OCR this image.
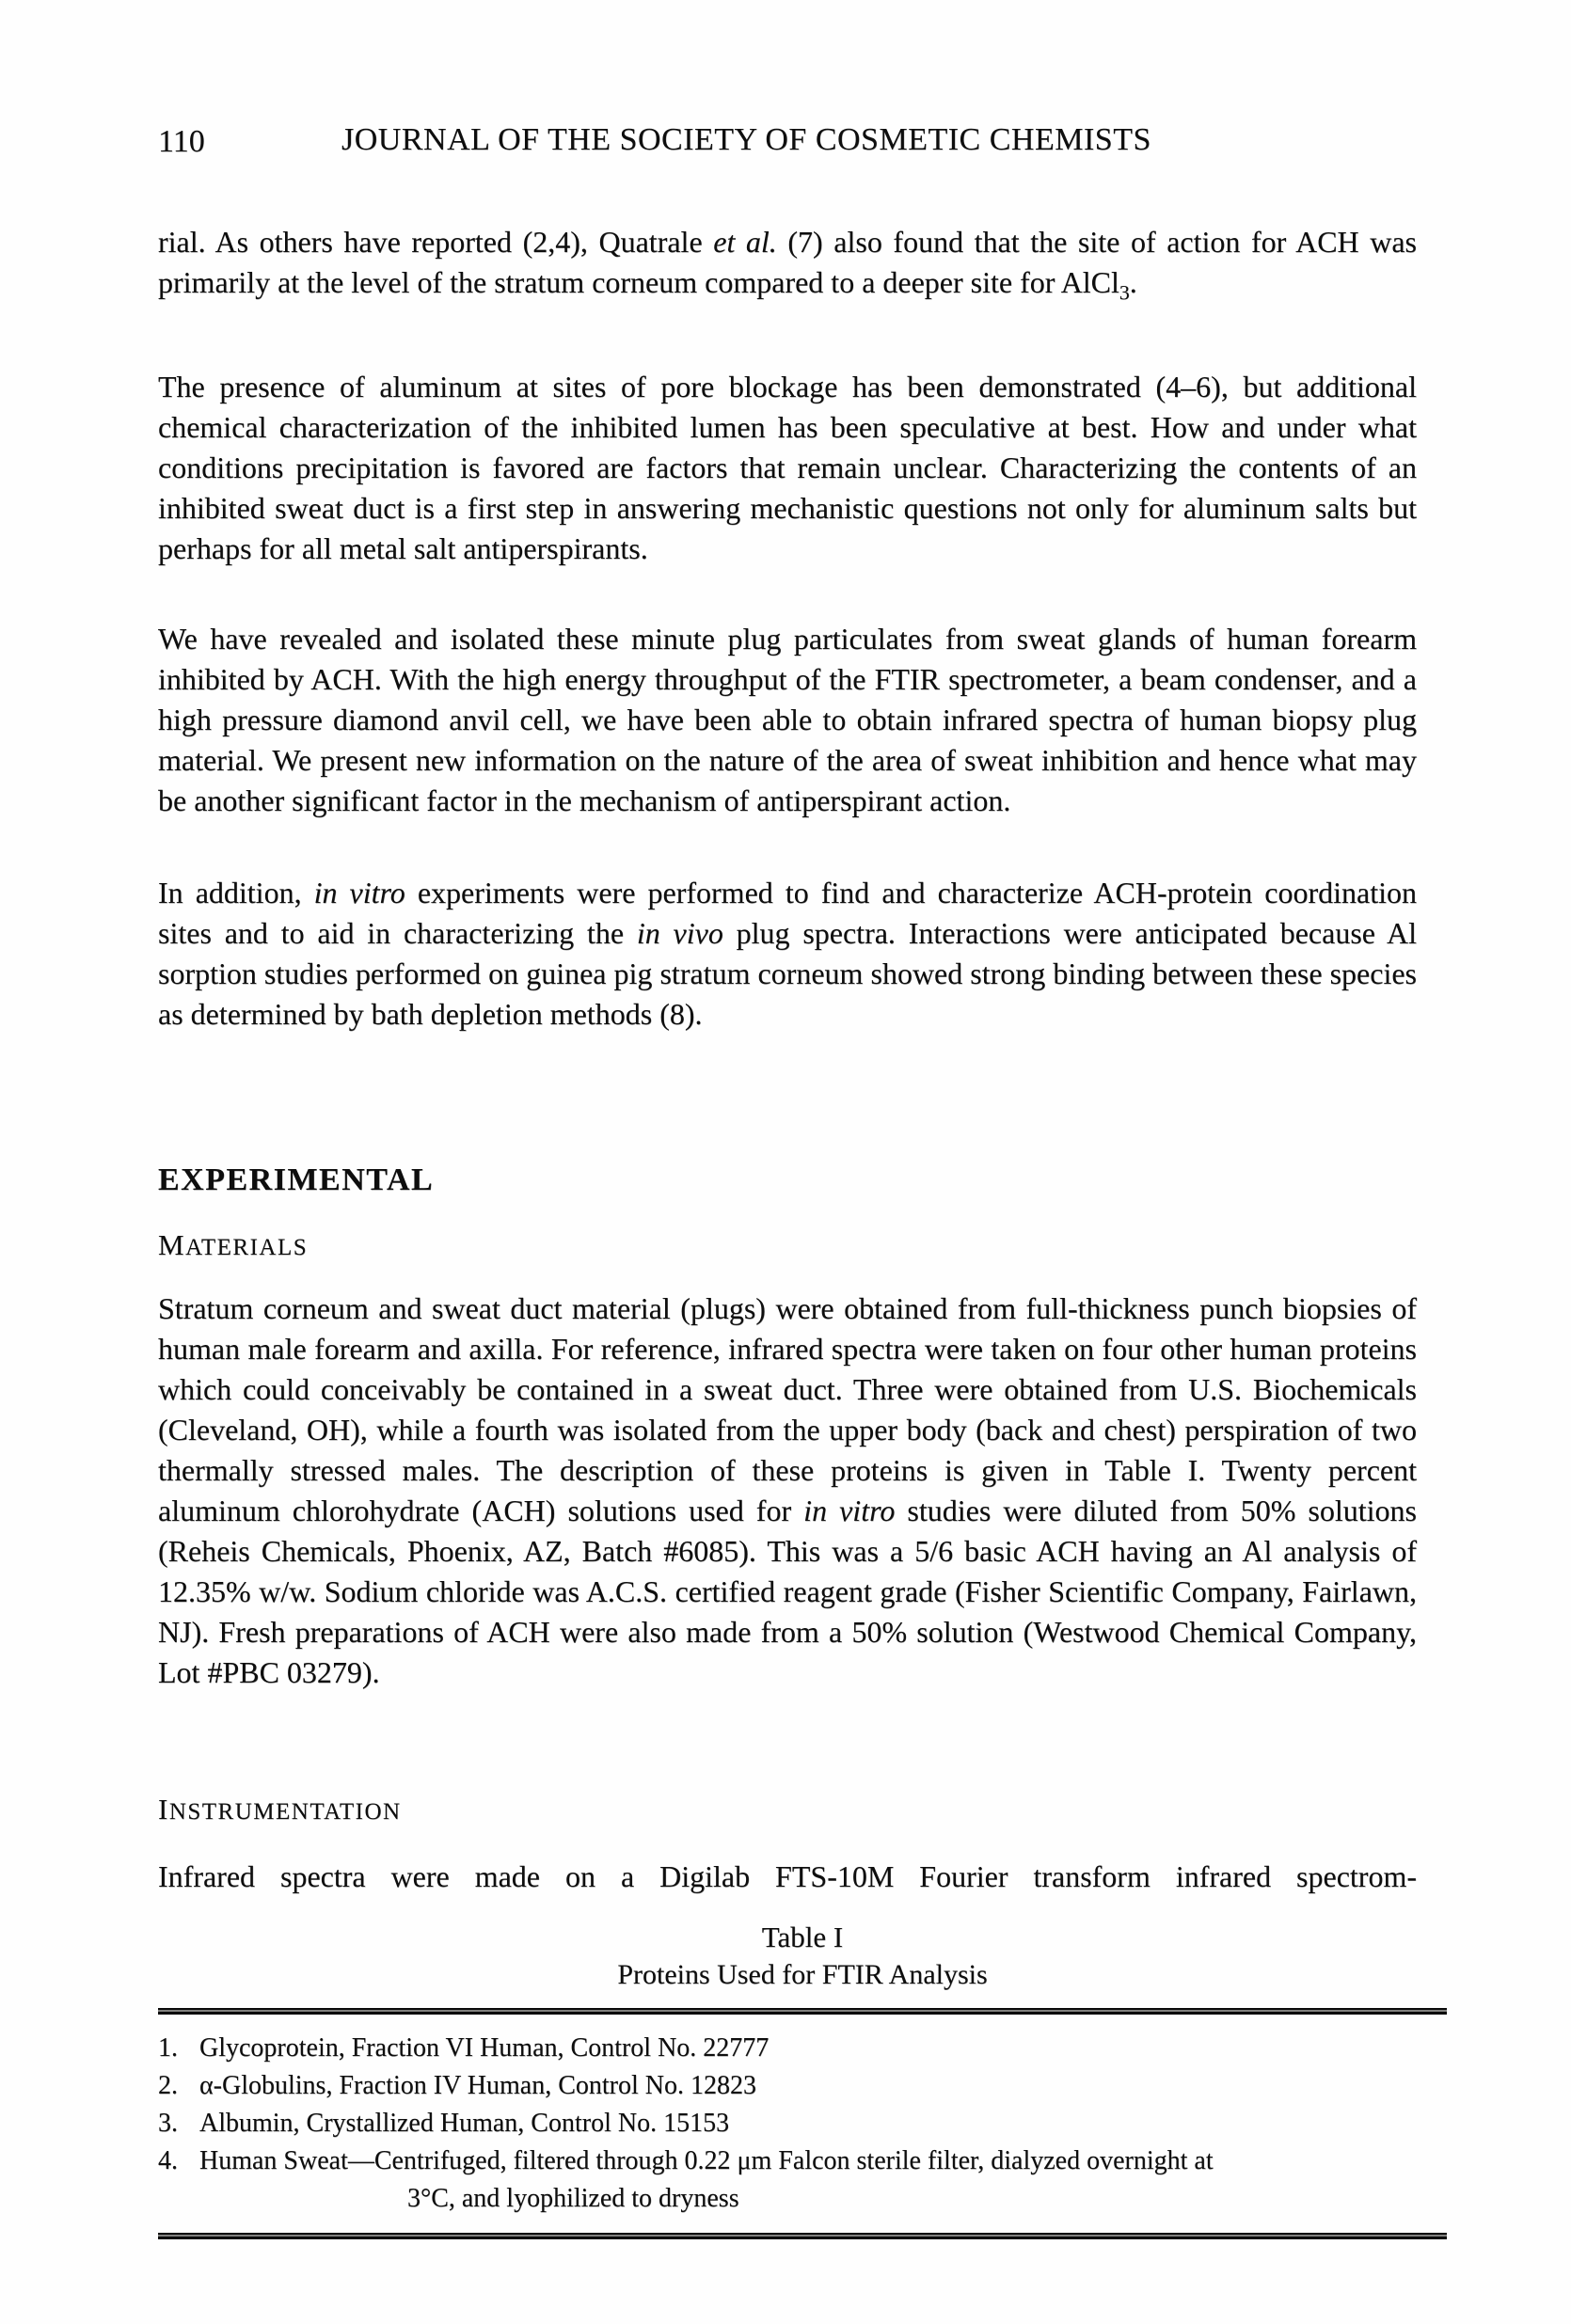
110	JOURNAL OF THE SOCIETY OF COSMETIC CHEMISTS

rial. As others have reported (2,4), Quatrale et al. (7) also found that the site of action for ACH was primarily at the level of the stratum corneum compared to a deeper site for AlCl$_3$.

The presence of aluminum at sites of pore blockage has been demonstrated (4–6), but additional chemical characterization of the inhibited lumen has been speculative at best. How and under what conditions precipitation is favored are factors that remain unclear. Characterizing the contents of an inhibited sweat duct is a first step in answering mechanistic questions not only for aluminum salts but perhaps for all metal salt antiperspirants.

We have revealed and isolated these minute plug particulates from sweat glands of human forearm inhibited by ACH. With the high energy throughput of the FTIR spectrometer, a beam condenser, and a high pressure diamond anvil cell, we have been able to obtain infrared spectra of human biopsy plug material. We present new information on the nature of the area of sweat inhibition and hence what may be another significant factor in the mechanism of antiperspirant action.

In addition, in vitro experiments were performed to find and characterize ACH-protein coordination sites and to aid in characterizing the in vivo plug spectra. Interactions were anticipated because Al sorption studies performed on guinea pig stratum corneum showed strong binding between these species as determined by bath depletion methods (8).

EXPERIMENTAL
MATERIALS

Stratum corneum and sweat duct material (plugs) were obtained from full-thickness punch biopsies of human male forearm and axilla. For reference, infrared spectra were taken on four other human proteins which could conceivably be contained in a sweat duct. Three were obtained from U.S. Biochemicals (Cleveland, OH), while a fourth was isolated from the upper body (back and chest) perspiration of two thermally stressed males. The description of these proteins is given in Table I. Twenty percent aluminum chlorohydrate (ACH) solutions used for in vitro studies were diluted from 50% solutions (Reheis Chemicals, Phoenix, AZ, Batch #6085). This was a 5/6 basic ACH having an Al analysis of 12.35% w/w. Sodium chloride was A.C.S. certified reagent grade (Fisher Scientific Company, Fairlawn, NJ). Fresh preparations of ACH were also made from a 50% solution (Westwood Chemical Company, Lot #PBC 03279).

INSTRUMENTATION

Infrared spectra were made on a Digilab FTS-10M Fourier transform infrared spectrom-

Table I
Proteins Used for FTIR Analysis
1. Glycoprotein, Fraction VI Human, Control No. 22777
2. α-Globulins, Fraction IV Human, Control No. 12823
3. Albumin, Crystallized Human, Control No. 15153
4. Human Sweat—Centrifuged, filtered through 0.22 μm Falcon sterile filter, dialyzed overnight at
3°C, and lyophilized to dryness
